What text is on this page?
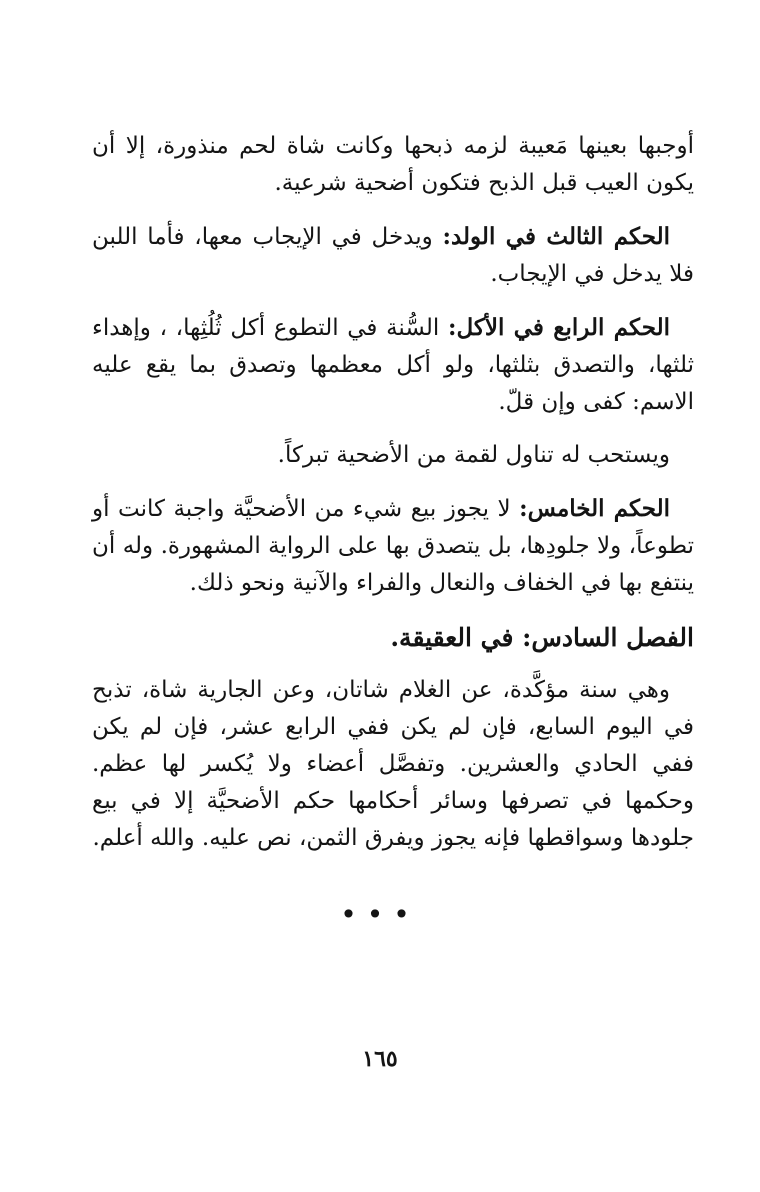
أوجبها بعينها مَعيبة لزمه ذبحها وكانت شاة لحم منذورة، إلا أن يكون العيب قبل الذبح فتكون أضحية شرعية.

الحكم الثالث في الولد: ويدخل في الإيجاب معها، فأما اللبن فلا يدخل في الإيجاب.

الحكم الرابع في الأكل: السُّنة في التطوع أكل ثُلُثِها، ، وإهداء ثلثها، والتصدق بثلثها، ولو أكل معظمها وتصدق بما يقع عليه الاسم: كفى وإن قلّ.

ويستحب له تناول لقمة من الأضحية تبركاً.

الحكم الخامس: لا يجوز بيع شيء من الأضحيَّة واجبة كانت أو تطوعاً، ولا جلودِها، بل يتصدق بها على الرواية المشهورة. وله أن ينتفع بها في الخفاف والنعال والفراء والآنية ونحو ذلك.

الفصل السادس: في العقيقة.

وهي سنة مؤكَّدة، عن الغلام شاتان، وعن الجارية شاة، تذبح في اليوم السابع، فإن لم يكن ففي الرابع عشر، فإن لم يكن ففي الحادي والعشرين. وتفصَّل أعضاء ولا يُكسر لها عظم. وحكمها في تصرفها وسائر أحكامها حكم الأضحيَّة إلا في بيع جلودها وسواقطها فإنه يجوز ويفرق الثمن، نص عليه. والله أعلم.

•••
١٦٥
